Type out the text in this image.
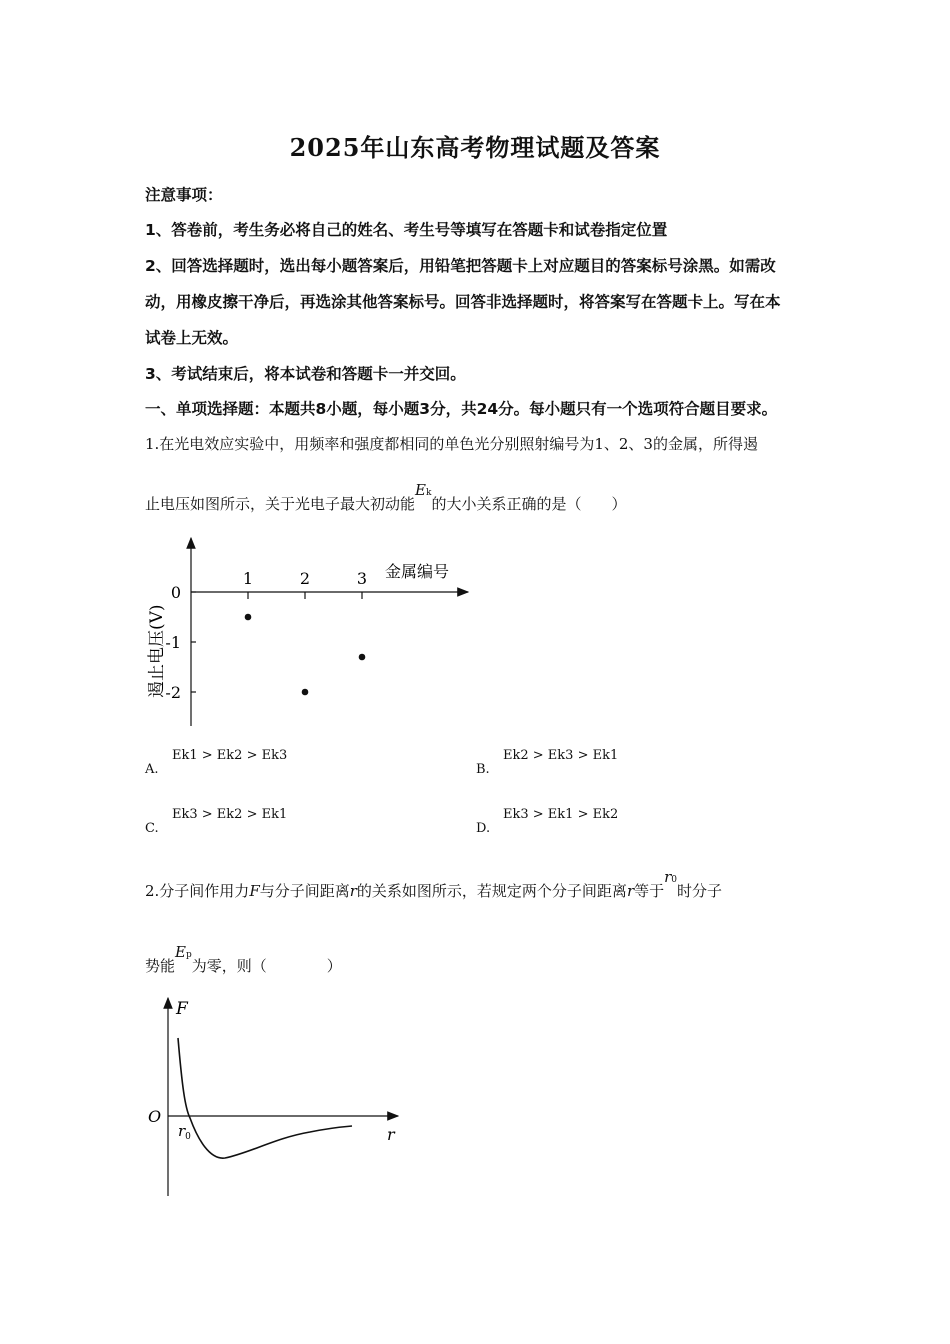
2025年山东高考物理试题及答案
注意事项：
1、答卷前，考生务必将自己的姓名、考生号等填写在答题卡和试卷指定位置
2、回答选择题时，选出每小题答案后，用铅笔把答题卡上对应题目的答案标号涂黑。如需改
动，用橡皮擦干净后，再选涂其他答案标号。回答非选择题时，将答案写在答题卡上。写在本
试卷上无效。
3、考试结束后，将本试卷和答题卡一并交回。
一、单项选择题：本题共8小题，每小题3分，共24分。每小题只有一个选项符合题目要求。
1.在光电效应实验中，用频率和强度都相同的单色光分别照射编号为1、2、3的金属，所得遏
止电压如图所示，关于光电子最大初动能Ek的大小关系正确的是（　　）
0
-1
-2
1	2	3
遏止电压(V)
金属编号
A.
Ek1 > Ek2 > Ek3
B.
Ek2 > Ek3 > Ek1
C.
Ek3 > Ek2 > Ek1
D.
Ek3 > Ek1 > Ek2
2.分子间作用力F与分子间距离r的关系如图所示，若规定两个分子间距离r等于r0时分子
势能Ep为零，则（　　　　）
F
O
r
$r_0$
